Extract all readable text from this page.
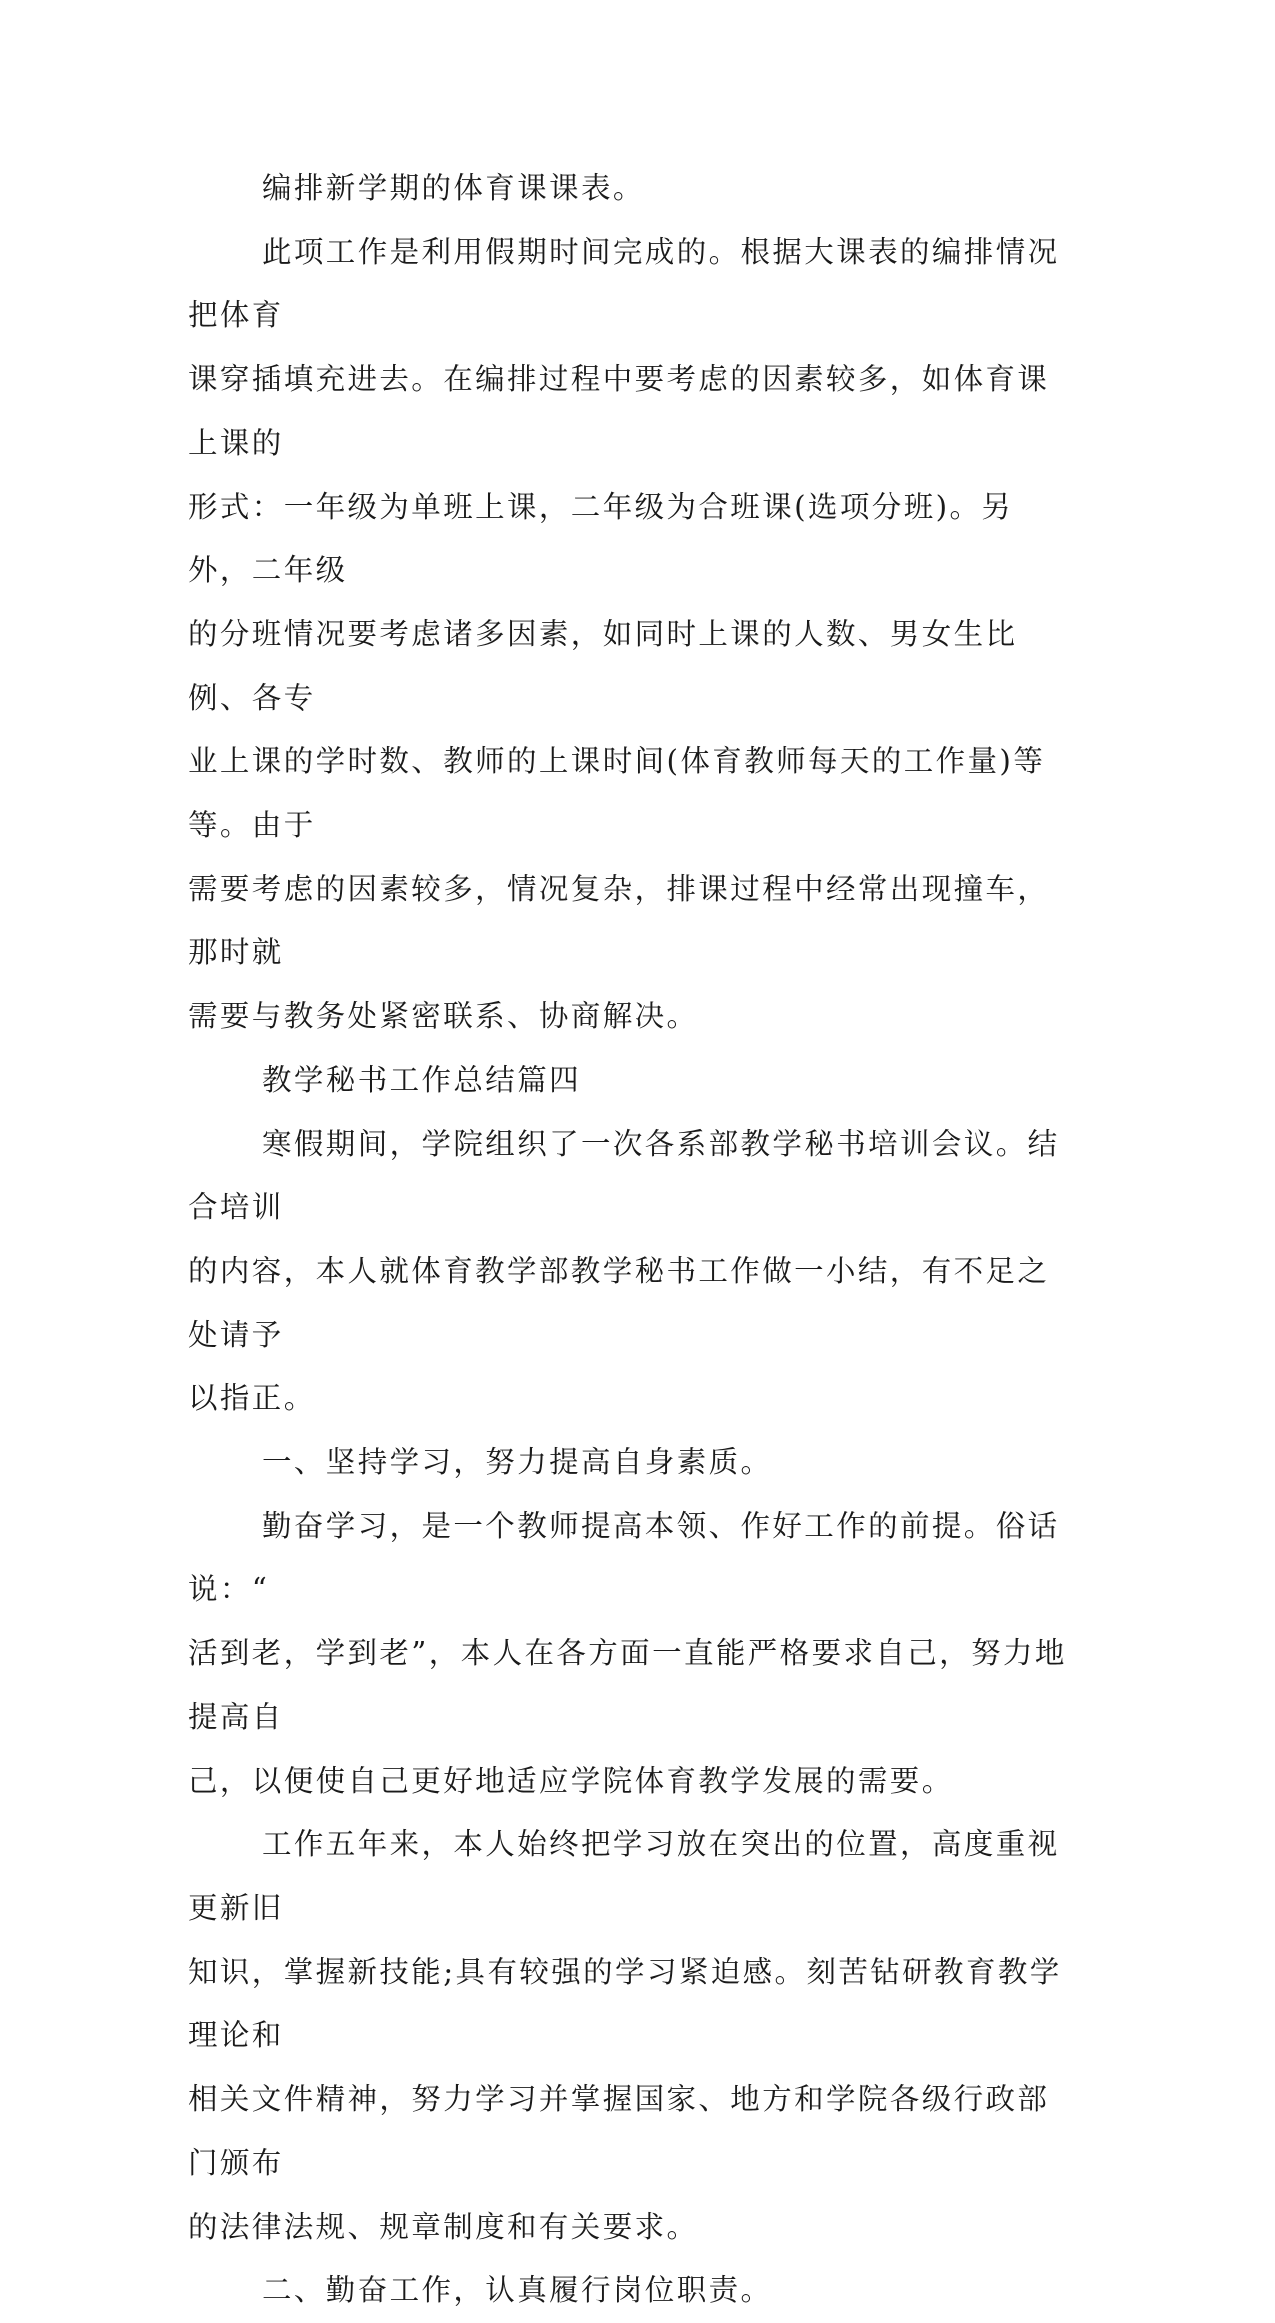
编排新学期的体育课课表。

此项工作是利用假期时间完成的。根据大课表的编排情况把体育

课穿插填充进去。在编排过程中要考虑的因素较多，如体育课上课的

形式：一年级为单班上课，二年级为合班课(选项分班)。另外，二年级

的分班情况要考虑诸多因素，如同时上课的人数、男女生比例、各专

业上课的学时数、教师的上课时间(体育教师每天的工作量)等等。由于

需要考虑的因素较多，情况复杂，排课过程中经常出现撞车，那时就

需要与教务处紧密联系、协商解决。

教学秘书工作总结篇四

寒假期间，学院组织了一次各系部教学秘书培训会议。结合培训

的内容，本人就体育教学部教学秘书工作做一小结，有不足之处请予

以指正。

一、坚持学习，努力提高自身素质。

勤奋学习，是一个教师提高本领、作好工作的前提。俗话说：“

活到老，学到老”，本人在各方面一直能严格要求自己，努力地提高自

己，以便使自己更好地适应学院体育教学发展的需要。

工作五年来，本人始终把学习放在突出的位置，高度重视更新旧

知识，掌握新技能;具有较强的学习紧迫感。刻苦钻研教育教学理论和

相关文件精神，努力学习并掌握国家、地方和学院各级行政部门颁布

的法律法规、规章制度和有关要求。

二、勤奋工作，认真履行岗位职责。
